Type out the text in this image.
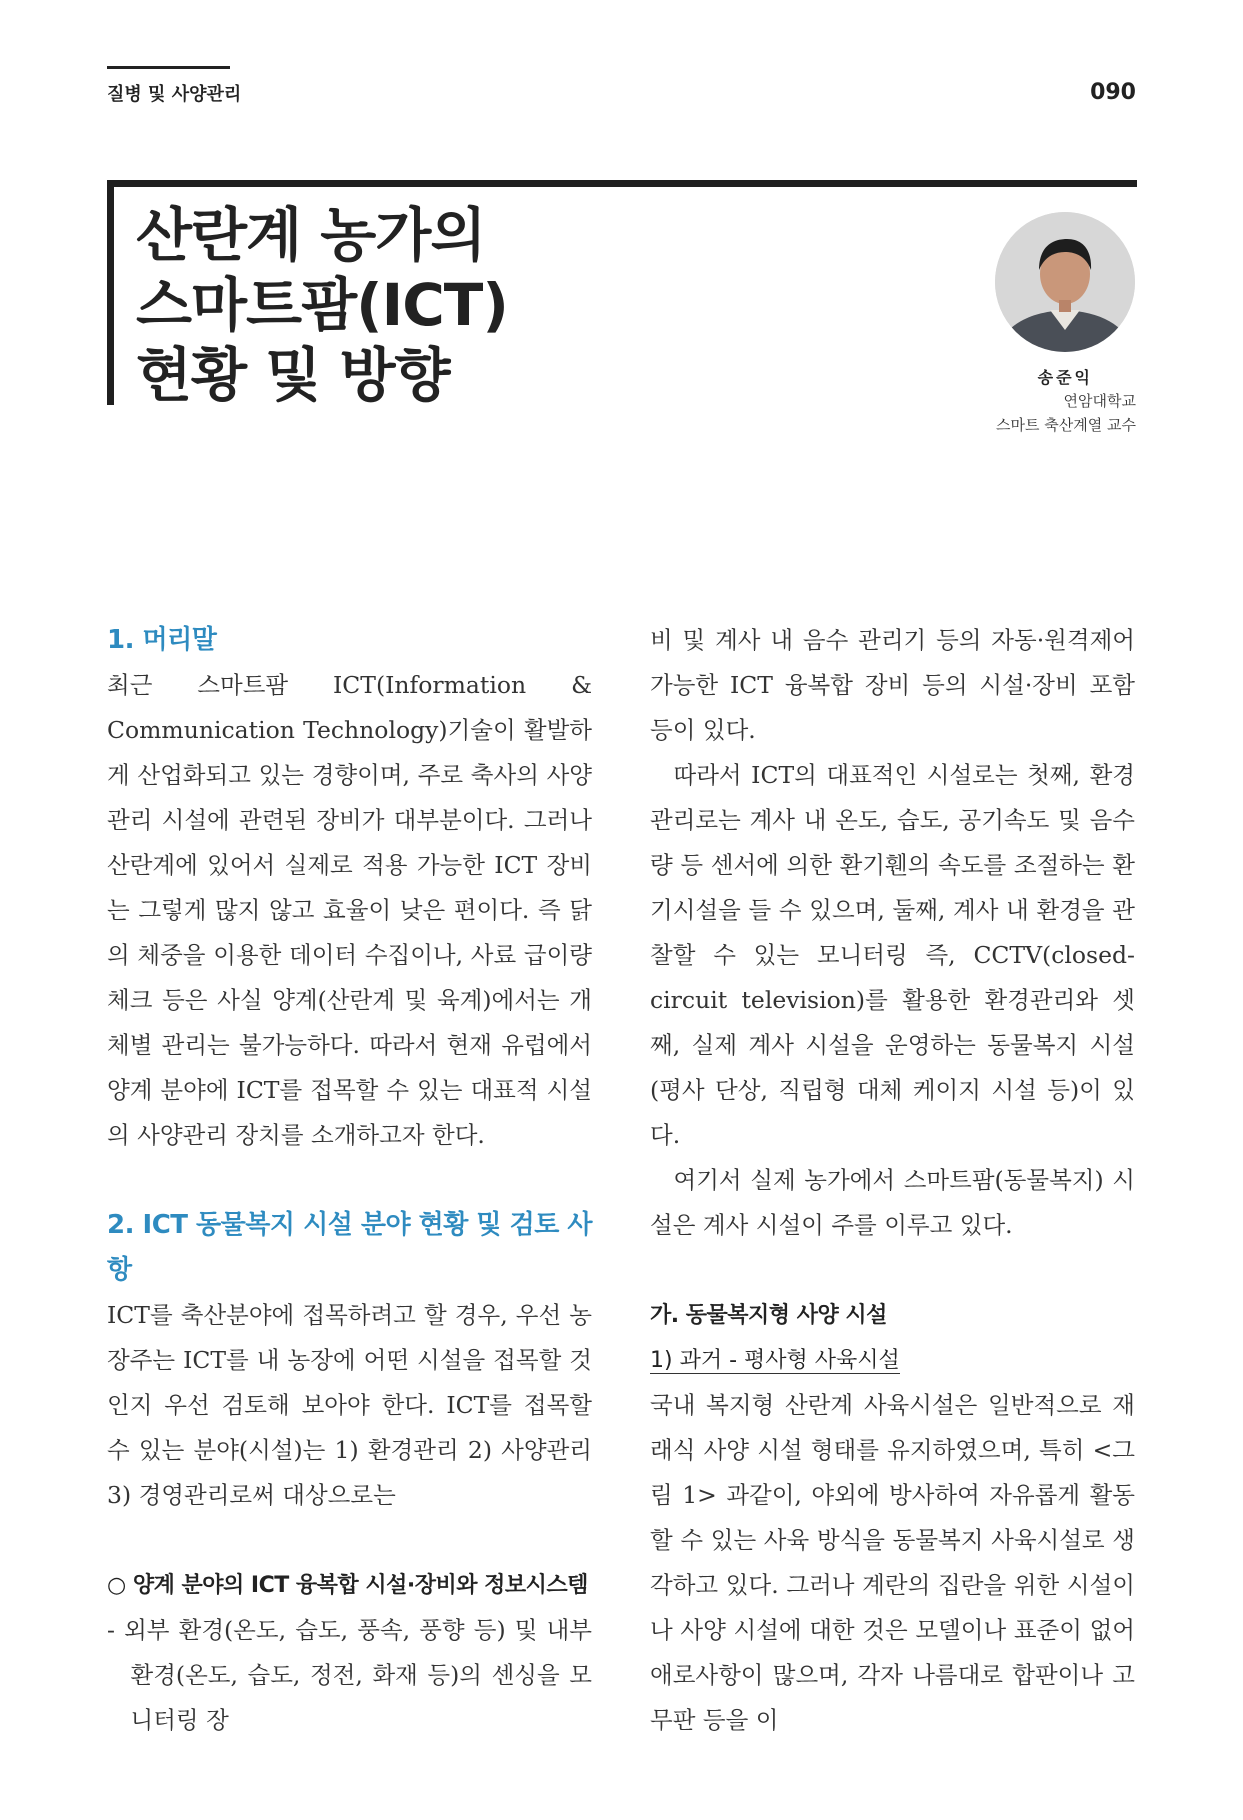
질병 및 사양관리	090
산란계 농가의
스마트팜(ICT)
현황 및 방향	송준익
연암대학교
스마트 축산계열 교수
1. 머리말

최근 스마트팜 ICT(Information & Communication Technology)기술이 활발하게 산업화되고 있는 경향이며, 주로 축사의 사양관리 시설에 관련된 장비가 대부분이다. 그러나 산란계에 있어서 실제로 적용 가능한 ICT 장비는 그렇게 많지 않고 효율이 낮은 편이다. 즉 닭의 체중을 이용한 데이터 수집이나, 사료 급이량 체크 등은 사실 양계(산란계 및 육계)에서는 개체별 관리는 불가능하다. 따라서 현재 유럽에서 양계 분야에 ICT를 접목할 수 있는 대표적 시설의 사양관리 장치를 소개하고자 한다.

2. ICT 동물복지 시설 분야 현황 및 검토 사항

ICT를 축산분야에 접목하려고 할 경우, 우선 농장주는 ICT를 내 농장에 어떤 시설을 접목할 것인지 우선 검토해 보아야 한다. ICT를 접목할 수 있는 분야(시설)는 1) 환경관리 2) 사양관리 3) 경영관리로써 대상으로는

○ 양계 분야의 ICT 융복합 시설·장비와 정보시스템

- 외부 환경(온도, 습도, 풍속, 풍향 등) 및 내부환경(온도, 습도, 정전, 화재 등)의 센싱을 모니터링 장

비 및 계사 내 음수 관리기 등의 자동·원격제어 가능한 ICT 융복합 장비 등의 시설·장비 포함 등이 있다.

따라서 ICT의 대표적인 시설로는 첫째, 환경관리로는 계사 내 온도, 습도, 공기속도 및 음수량 등 센서에 의한 환기휀의 속도를 조절하는 환기시설을 들 수 있으며, 둘째, 계사 내 환경을 관찰할 수 있는 모니터링 즉, CCTV(closed-circuit television)를 활용한 환경관리와 셋째, 실제 계사 시설을 운영하는 동물복지 시설(평사 단상, 직립형 대체 케이지 시설 등)이 있다.

여기서 실제 농가에서 스마트팜(동물복지) 시설은 계사 시설이 주를 이루고 있다.

가. 동물복지형 사양 시설
1) 과거 - 평사형 사육시설

국내 복지형 산란계 사육시설은 일반적으로 재래식 사양 시설 형태를 유지하였으며, 특히 <그림 1> 과같이, 야외에 방사하여 자유롭게 활동할 수 있는 사육 방식을 동물복지 사육시설로 생각하고 있다. 그러나 계란의 집란을 위한 시설이나 사양 시설에 대한 것은 모델이나 표준이 없어 애로사항이 많으며, 각자 나름대로 합판이나 고무판 등을 이
